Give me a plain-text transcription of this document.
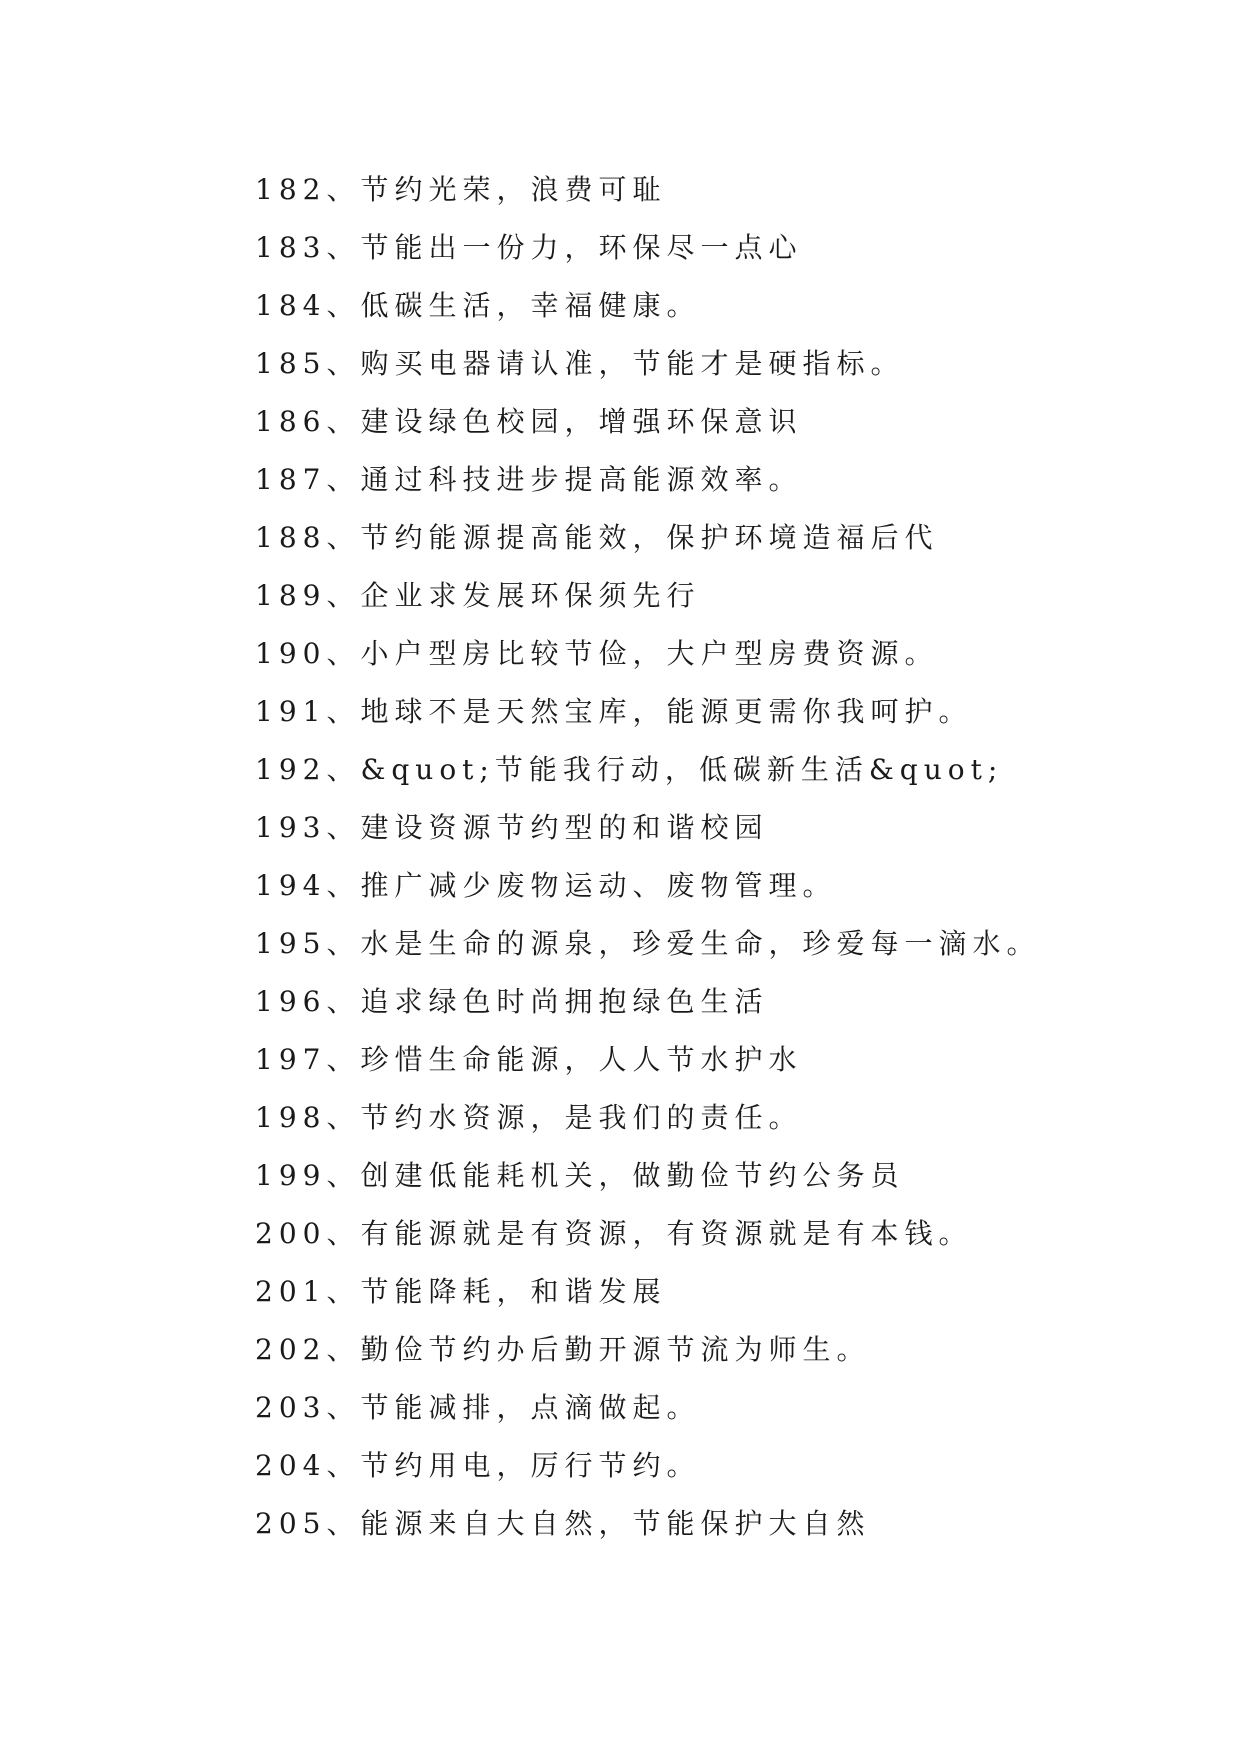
182、节约光荣，浪费可耻
183、节能出一份力，环保尽一点心
184、低碳生活，幸福健康。
185、购买电器请认准，节能才是硬指标。
186、建设绿色校园，增强环保意识
187、通过科技进步提高能源效率。
188、节约能源提高能效，保护环境造福后代
189、企业求发展环保须先行
190、小户型房比较节俭，大户型房费资源。
191、地球不是天然宝库，能源更需你我呵护。
192、&quot;节能我行动，低碳新生活&quot;
193、建设资源节约型的和谐校园
194、推广减少废物运动、废物管理。
195、水是生命的源泉，珍爱生命，珍爱每一滴水。
196、追求绿色时尚拥抱绿色生活
197、珍惜生命能源，人人节水护水
198、节约水资源，是我们的责任。
199、创建低能耗机关，做勤俭节约公务员
200、有能源就是有资源，有资源就是有本钱。
201、节能降耗，和谐发展
202、勤俭节约办后勤开源节流为师生。
203、节能减排，点滴做起。
204、节约用电，厉行节约。
205、能源来自大自然，节能保护大自然
